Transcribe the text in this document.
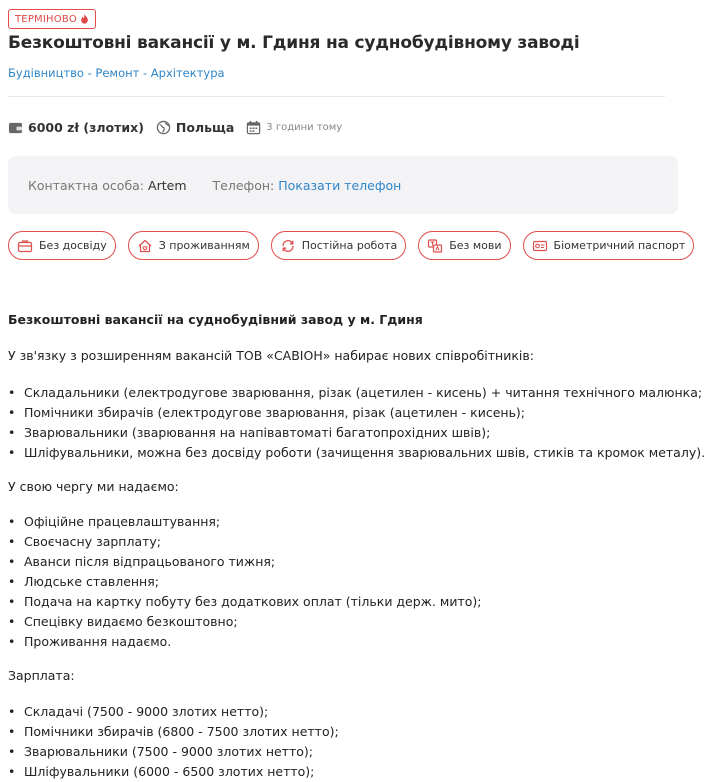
ТЕРМІНОВО
Безкоштовні вакансії у м. Гдиня на суднобудівному заводі
Будівництво - Ремонт - Архітектура
6000 zł (злотих)	Польща	3 години тому
Контактна особа: Artem Телефон: Показати телефон
Без досвіду	З проживанням	Постійна робота	Без мови	Біометричний паспорт
Безкоштовні вакансії на суднобудівний завод у м. Гдиня

У зв'язку з розширенням вакансій ТОВ «САВІОН» набирає нових співробітників:

• Складальники (електродугове зварювання, різак (ацетилен - кисень) + читання технічного малюнка;
• Помічники збирачів (електродугове зварювання, різак (ацетилен - кисень);
• Зварювальники (зварювання на напівавтоматі багатопрохідних швів);
• Шліфувальники, можна без досвіду роботи (зачищення зварювальних швів, стиків та кромок металу).

У свою чергу ми надаємо:

• Офіційне працевлаштування;
• Своєчасну зарплату;
• Аванси після відпрацьованого тижня;
• Людське ставлення;
• Подача на картку побуту без додаткових оплат (тільки держ. мито);
• Спецівку видаємо безкоштовно;
• Проживання надаємо.

Зарплата:

• Складачі (7500 - 9000 злотих нетто);
• Помічники збирачів (6800 - 7500 злотих нетто);
• Зварювальники (7500 - 9000 злотих нетто);
• Шліфувальники (6000 - 6500 злотих нетто);
